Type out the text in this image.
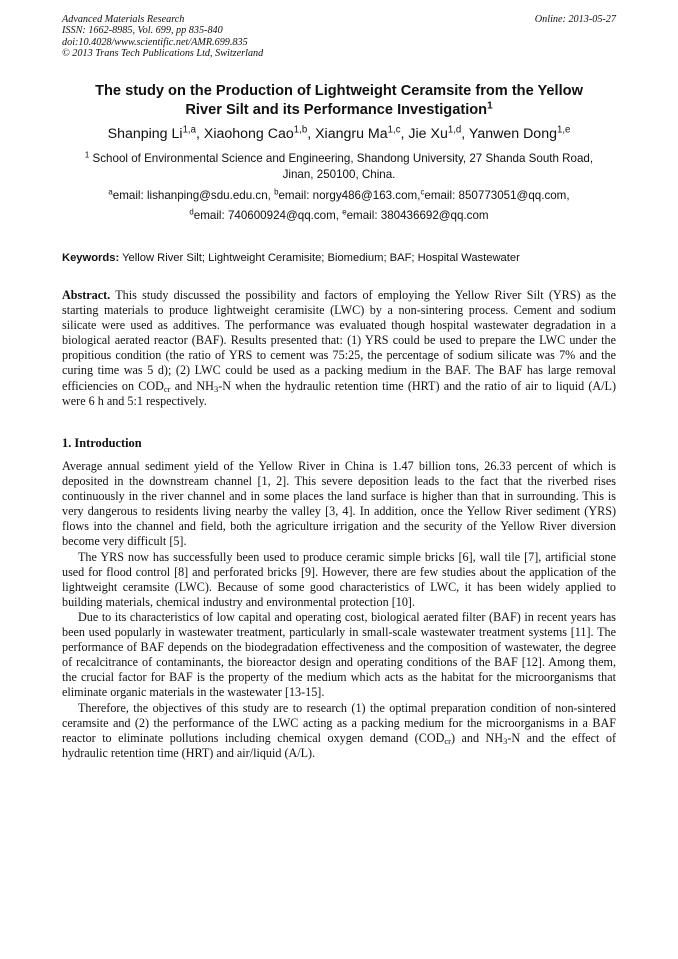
Advanced Materials Research
ISSN: 1662-8985, Vol. 699, pp 835-840
doi:10.4028/www.scientific.net/AMR.699.835
© 2013 Trans Tech Publications Ltd, Switzerland
Online: 2013-05-27
The study on the Production of Lightweight Ceramsite from the Yellow
River Silt and its Performance Investigation$^1$
Shanping Li$^{1,a}$, Xiaohong Cao$^{1,b}$, Xiangru Ma$^{1,c}$, Jie Xu$^{1,d}$, Yanwen Dong$^{1,e}$
$^1$ School of Environmental Science and Engineering, Shandong University, 27 Shanda South Road,
Jinan, 250100, China.
$^a$email: lishanping@sdu.edu.cn, $^b$email: norgy486@163.com,$^c$email: 850773051@qq.com,
$^d$email: 740600924@qq.com, $^e$email: 380436692@qq.com
Keywords: Yellow River Silt; Lightweight Ceramisite; Biomedium; BAF; Hospital Wastewater
Abstract. This study discussed the possibility and factors of employing the Yellow River Silt (YRS) as the starting materials to produce lightweight ceramisite (LWC) by a non-sintering process. Cement and sodium silicate were used as additives. The performance was evaluated though hospital wastewater degradation in a biological aerated reactor (BAF). Results presented that: (1) YRS could be used to prepare the LWC under the propitious condition (the ratio of YRS to cement was 75:25, the percentage of sodium silicate was 7% and the curing time was 5 d); (2) LWC could be used as a packing medium in the BAF. The BAF has large removal efficiencies on $COD_{cr}$ and $NH_3-N$ when the hydraulic retention time (HRT) and the ratio of air to liquid (A/L) were 6 h and 5:1 respectively.
1. Introduction

Average annual sediment yield of the Yellow River in China is 1.47 billion tons, 26.33 percent of which is deposited in the downstream channel [1, 2]. This severe deposition leads to the fact that the riverbed rises continuously in the river channel and in some places the land surface is higher than that in surrounding. This is very dangerous to residents living nearby the valley [3, 4]. In addition, once the Yellow River sediment (YRS) flows into the channel and field, both the agriculture irrigation and the security of the Yellow River diversion become very difficult [5].

The YRS now has successfully been used to produce ceramic simple bricks [6], wall tile [7], artificial stone used for flood control [8] and perforated bricks [9]. However, there are few studies about the application of the lightweight ceramsite (LWC). Because of some good characteristics of LWC, it has been widely applied to building materials, chemical industry and environmental protection [10].

Due to its characteristics of low capital and operating cost, biological aerated filter (BAF) in recent years has been used popularly in wastewater treatment, particularly in small-scale wastewater treatment systems [11]. The performance of BAF depends on the biodegradation effectiveness and the composition of wastewater, the degree of recalcitrance of contaminants, the bioreactor design and operating conditions of the BAF [12]. Among them, the crucial factor for BAF is the property of the medium which acts as the habitat for the microorganisms that eliminate organic materials in the wastewater [13-15].

Therefore, the objectives of this study are to research (1) the optimal preparation condition of non-sintered ceramsite and (2) the performance of the LWC acting as a packing medium for the microorganisms in a BAF reactor to eliminate pollutions including chemical oxygen demand $(COD_{cr})$ and $NH_3-N$ and the effect of hydraulic retention time (HRT) and air/liquid (A/L).
